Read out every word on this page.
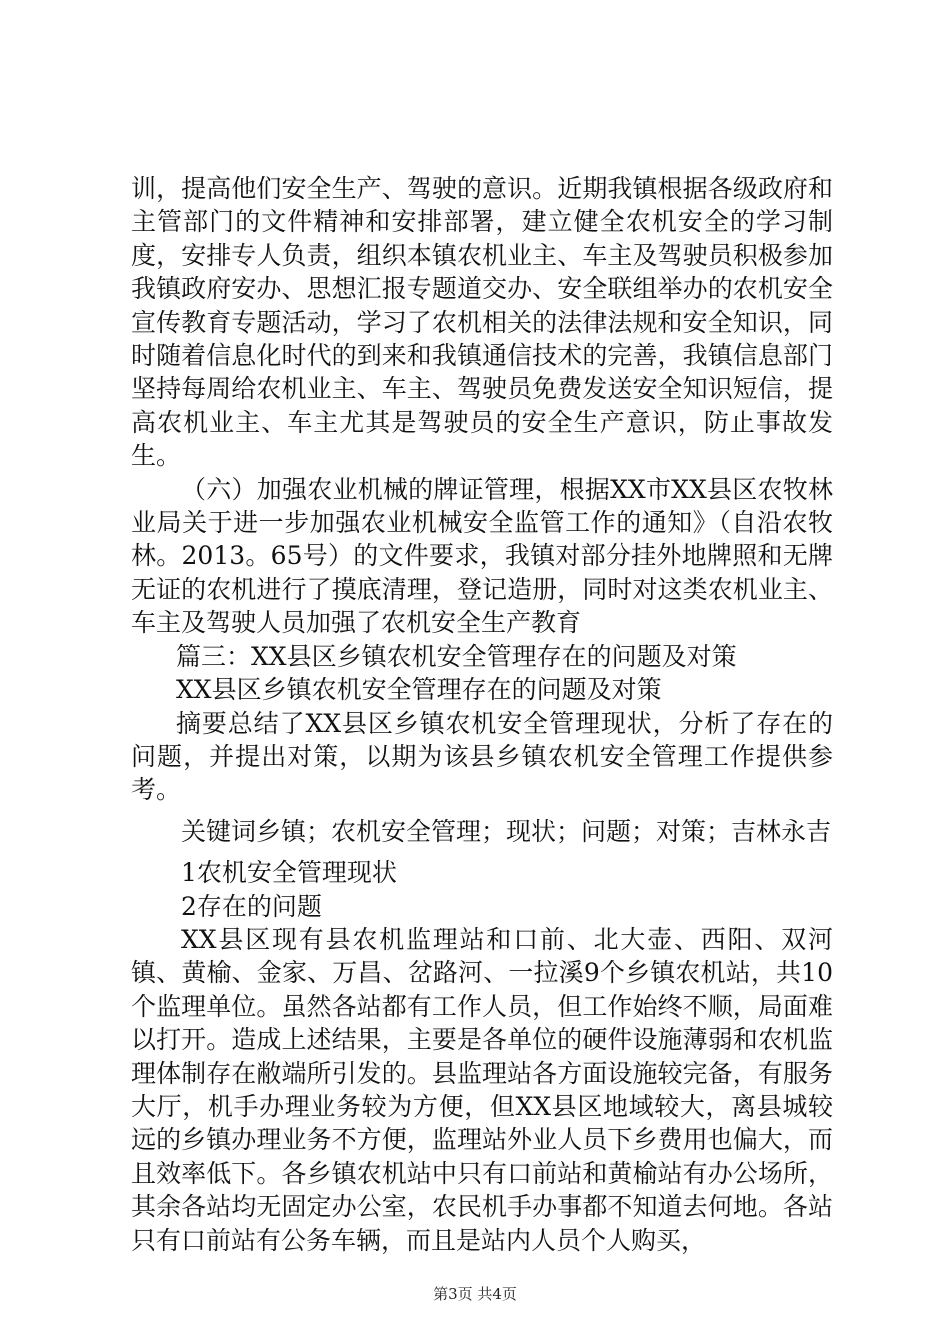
训，提高他们安全生产、驾驶的意识。近期我镇根据各级政府和主管部门的文件精神和安排部署，建立健全农机安全的学习制度，安排专人负责，组织本镇农机业主、车主及驾驶员积极参加我镇政府安办、思想汇报专题道交办、安全联组举办的农机安全宣传教育专题活动，学习了农机相关的法律法规和安全知识，同时随着信息化时代的到来和我镇通信技术的完善，我镇信息部门坚持每周给农机业主、车主、驾驶员免费发送安全知识短信，提高农机业主、车主尤其是驾驶员的安全生产意识，防止事故发生。

（六）加强农业机械的牌证管理，根据XX市XX县区农牧林业局关于进一步加强农业机械安全监管工作的通知》（自沿农牧林。2013。65号）的文件要求，我镇对部分挂外地牌照和无牌无证的农机进行了摸底清理，登记造册，同时对这类农机业主、车主及驾驶人员加强了农机安全生产教育

篇三：XX县区乡镇农机安全管理存在的问题及对策

XX县区乡镇农机安全管理存在的问题及对策

摘要总结了XX县区乡镇农机安全管理现状，分析了存在的问题，并提出对策，以期为该县乡镇农机安全管理工作提供参考。

关键词乡镇；农机安全管理；现状；问题；对策；吉林永吉

1农机安全管理现状

2存在的问题

XX县区现有县农机监理站和口前、北大壶、西阳、双河镇、黄榆、金家、万昌、岔路河、一拉溪9个乡镇农机站，共10个监理单位。虽然各站都有工作人员，但工作始终不顺，局面难以打开。造成上述结果，主要是各单位的硬件设施薄弱和农机监理体制存在敝端所引发的。县监理站各方面设施较完备，有服务大厅，机手办理业务较为方便，但XX县区地域较大，离县城较远的乡镇办理业务不方便，监理站外业人员下乡费用也偏大，而且效率低下。各乡镇农机站中只有口前站和黄榆站有办公场所，其余各站均无固定办公室，农民机手办事都不知道去何地。各站只有口前站有公务车辆，而且是站内人员个人购买，

第3页 共4页
